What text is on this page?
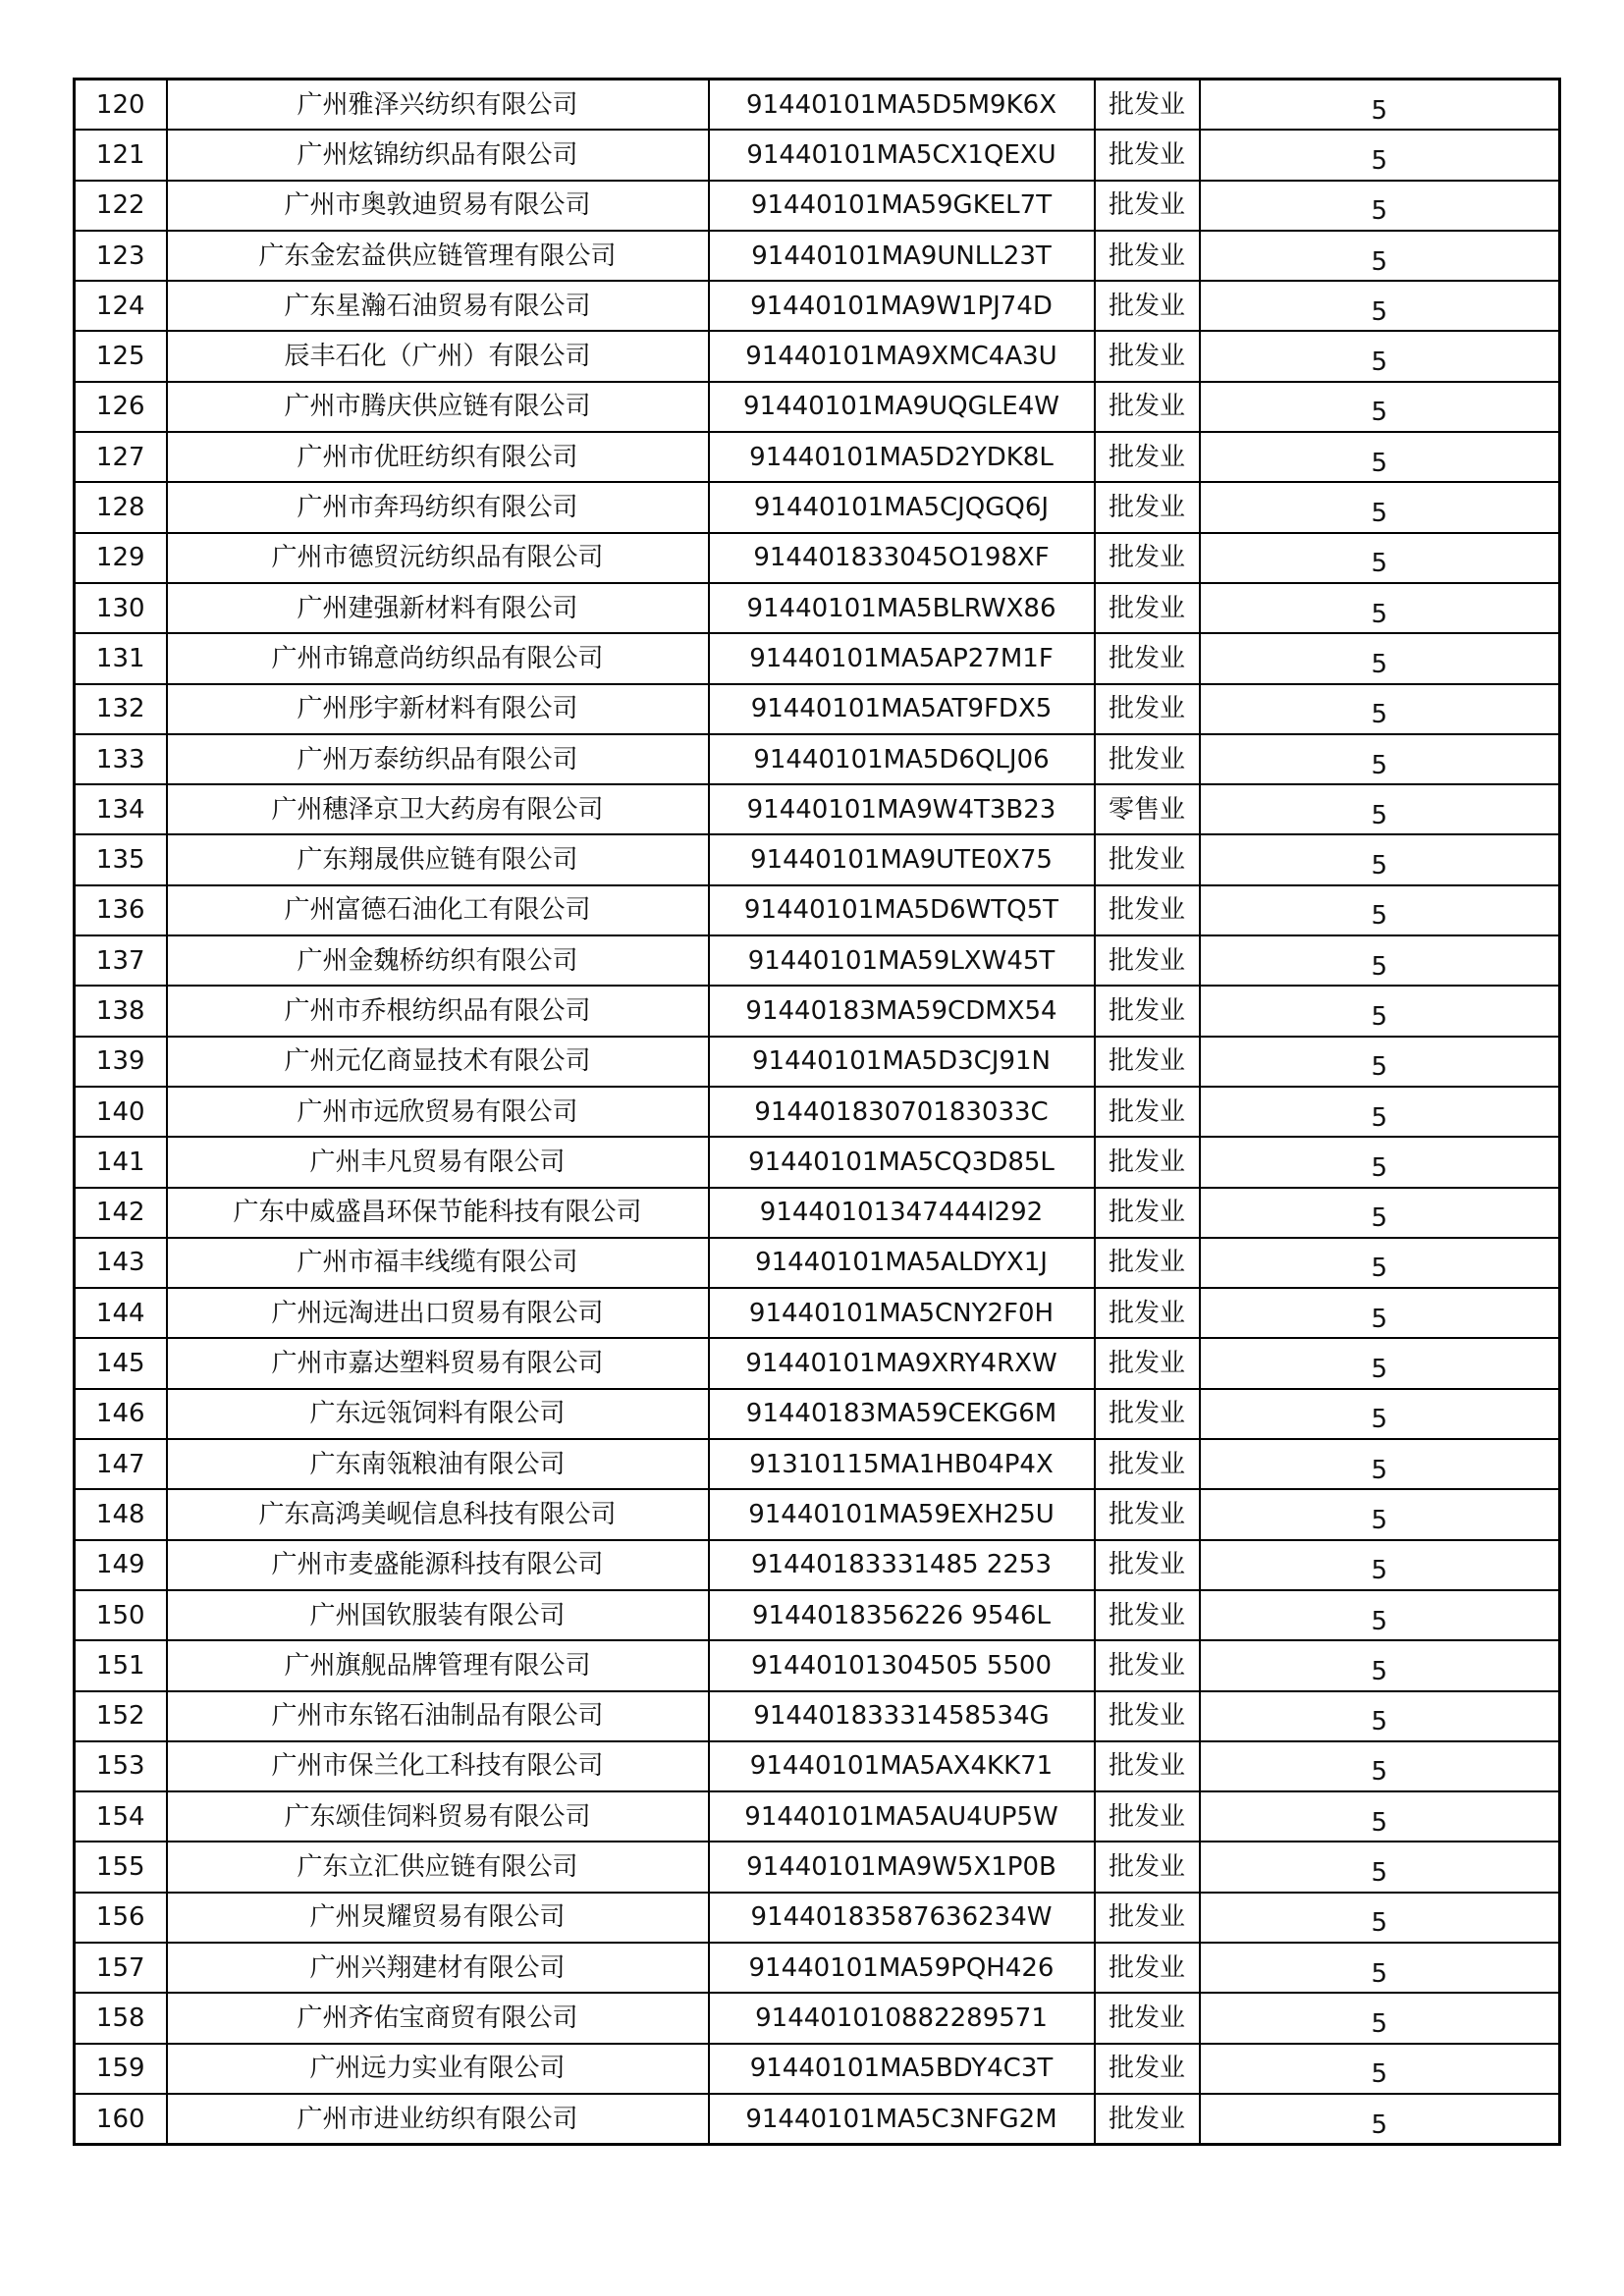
120	广州雅泽兴纺织有限公司	91440101MA5D5M9K6X	批发业	5
121	广州炫锦纺织品有限公司	91440101MA5CX1QEXU	批发业	5
122	广州市奥敦迪贸易有限公司	91440101MA59GKEL7T	批发业	5
123	广东金宏益供应链管理有限公司	91440101MA9UNLL23T	批发业	5
124	广东星瀚石油贸易有限公司	91440101MA9W1PJ74D	批发业	5
125	辰丰石化（广州）有限公司	91440101MA9XMC4A3U	批发业	5
126	广州市腾庆供应链有限公司	91440101MA9UQGLE4W	批发业	5
127	广州市优旺纺织有限公司	91440101MA5D2YDK8L	批发业	5
128	广州市奔玛纺织有限公司	91440101MA5CJQGQ6J	批发业	5
129	广州市德贸沅纺织品有限公司	914401833045O198XF	批发业	5
130	广州建强新材料有限公司	91440101MA5BLRWX86	批发业	5
131	广州市锦意尚纺织品有限公司	91440101MA5AP27M1F	批发业	5
132	广州彤宇新材料有限公司	91440101MA5AT9FDX5	批发业	5
133	广州万泰纺织品有限公司	91440101MA5D6QLJ06	批发业	5
134	广州穗泽京卫大药房有限公司	91440101MA9W4T3B23	零售业	5
135	广东翔晟供应链有限公司	91440101MA9UTE0X75	批发业	5
136	广州富德石油化工有限公司	91440101MA5D6WTQ5T	批发业	5
137	广州金魏桥纺织有限公司	91440101MA59LXW45T	批发业	5
138	广州市乔根纺织品有限公司	91440183MA59CDMX54	批发业	5
139	广州元亿商显技术有限公司	91440101MA5D3CJ91N	批发业	5
140	广州市远欣贸易有限公司	91440183070183033C	批发业	5
141	广州丰凡贸易有限公司	91440101MA5CQ3D85L	批发业	5
142	广东中威盛昌环保节能科技有限公司	91440101347444l292	批发业	5
143	广州市福丰线缆有限公司	91440101MA5ALDYX1J	批发业	5
144	广州远淘进出口贸易有限公司	91440101MA5CNY2F0H	批发业	5
145	广州市嘉达塑料贸易有限公司	91440101MA9XRY4RXW	批发业	5
146	广东远瓴饲料有限公司	91440183MA59CEKG6M	批发业	5
147	广东南瓴粮油有限公司	91310115MA1HB04P4X	批发业	5
148	广东高鸿美岘信息科技有限公司	91440101MA59EXH25U	批发业	5
149	广州市麦盛能源科技有限公司	91440183331485 2253	批发业	5
150	广州国钦服装有限公司	9144018356226 9546L	批发业	5
151	广州旗舰品牌管理有限公司	91440101304505 5500	批发业	5
152	广州市东铭石油制品有限公司	91440183331458534G	批发业	5
153	广州市保兰化工科技有限公司	91440101MA5AX4KK71	批发业	5
154	广东颂佳饲料贸易有限公司	91440101MA5AU4UP5W	批发业	5
155	广东立汇供应链有限公司	91440101MA9W5X1P0B	批发业	5
156	广州炅耀贸易有限公司	91440183587636234W	批发业	5
157	广州兴翔建材有限公司	91440101MA59PQH426	批发业	5
158	广州齐佑宝商贸有限公司	914401010882289571	批发业	5
159	广州远力实业有限公司	91440101MA5BDY4C3T	批发业	5
160	广州市进业纺织有限公司	91440101MA5C3NFG2M	批发业	5
